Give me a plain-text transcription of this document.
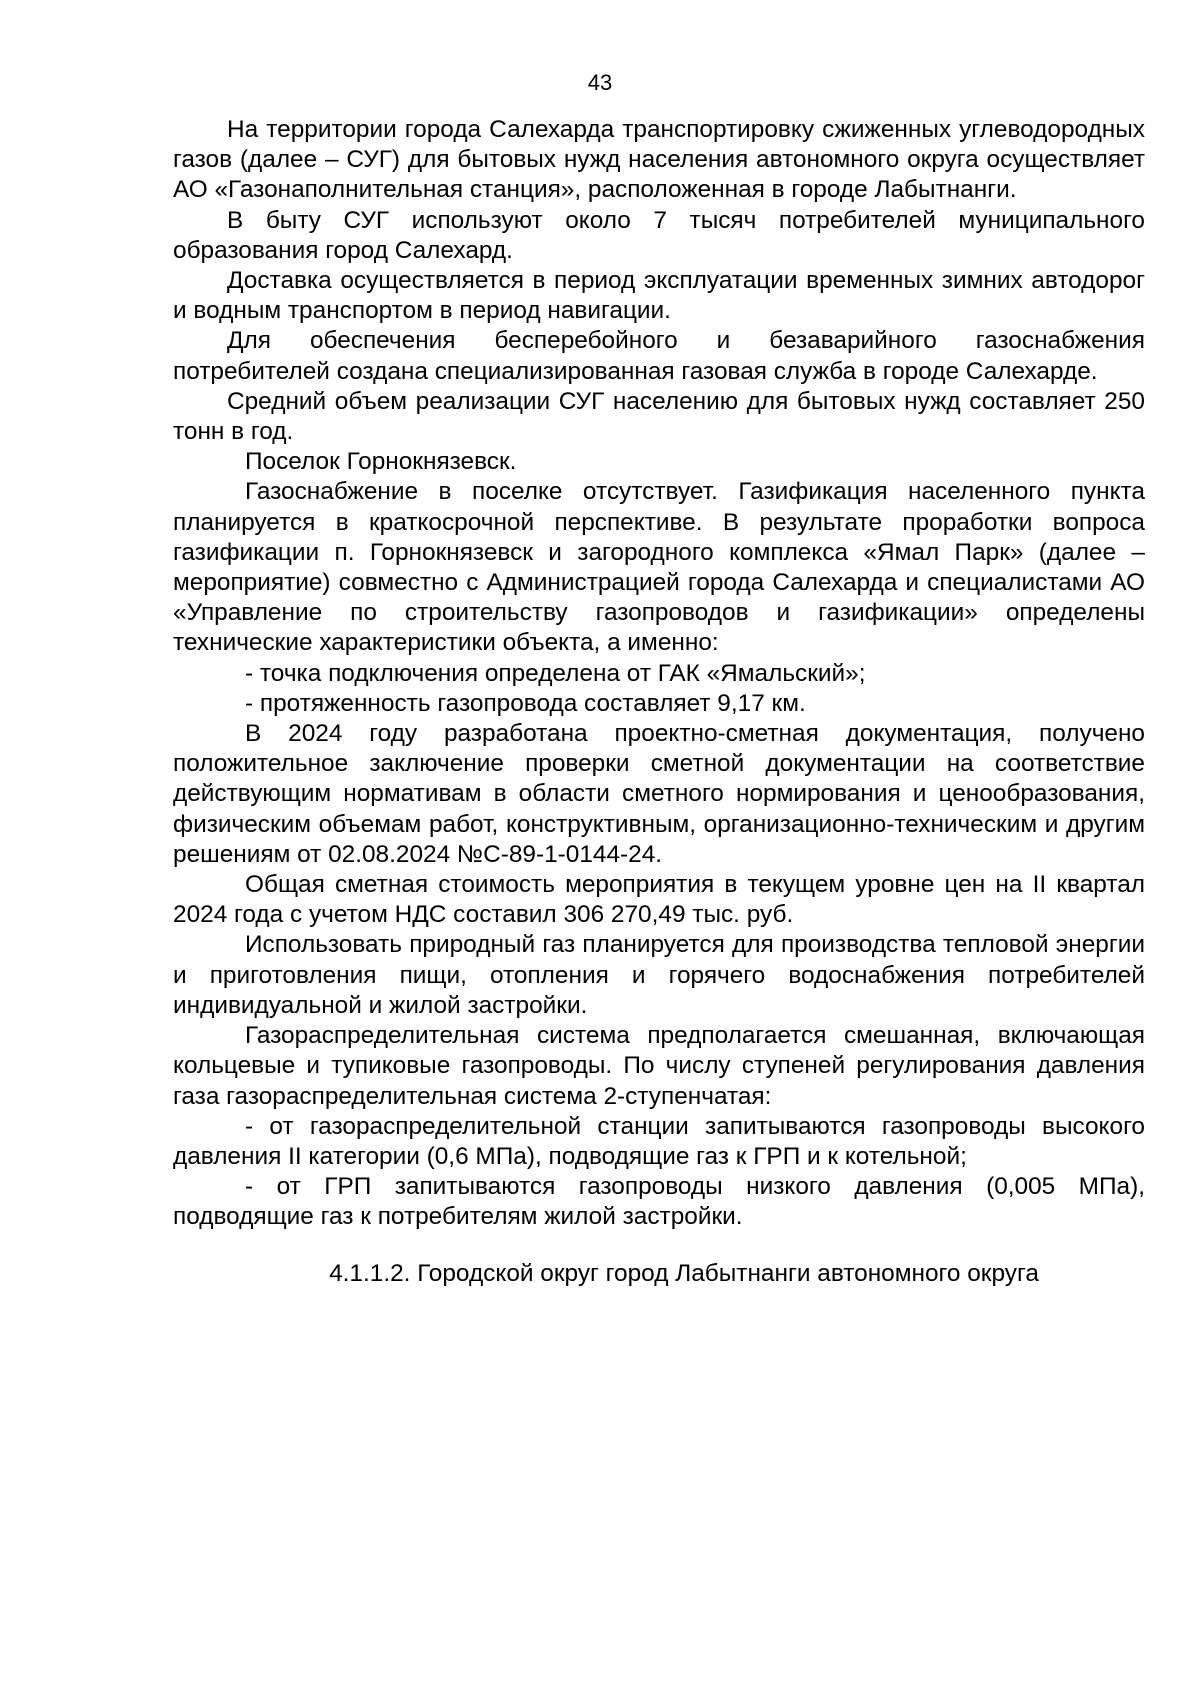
43

На территории города Салехарда транспортировку сжиженных углеводородных газов (далее – СУГ) для бытовых нужд населения автономного округа осуществляет АО «Газонаполнительная станция», расположенная в городе Лабытнанги.

В быту СУГ используют около 7 тысяч потребителей муниципального образования город Салехард.

Доставка осуществляется в период эксплуатации временных зимних автодорог и водным транспортом в период навигации.

Для обеспечения бесперебойного и безаварийного газоснабжения потребителей создана специализированная газовая служба в городе Салехарде.

Средний объем реализации СУГ населению для бытовых нужд составляет 250 тонн в год.

Поселок Горнокнязевск.

Газоснабжение в поселке отсутствует. Газификация населенного пункта планируется в краткосрочной перспективе. В результате проработки вопроса газификации п. Горнокнязевск и загородного комплекса «Ямал Парк» (далее – мероприятие) совместно с Администрацией города Салехарда и специалистами АО «Управление по строительству газопроводов и газификации» определены технические характеристики объекта, а именно:

- точка подключения определена от ГАК «Ямальский»;

- протяженность газопровода составляет 9,17 км.

В 2024 году разработана проектно-сметная документация, получено положительное заключение проверки сметной документации на соответствие действующим нормативам в области сметного нормирования и ценообразования, физическим объемам работ, конструктивным, организационно-техническим и другим решениям от 02.08.2024 №С-89-1-0144-24.

Общая сметная стоимость мероприятия в текущем уровне цен на II квартал 2024 года с учетом НДС составил 306 270,49 тыс. руб.

Использовать природный газ планируется для производства тепловой энергии и приготовления пищи, отопления и горячего водоснабжения потребителей индивидуальной и жилой застройки.

Газораспределительная система предполагается смешанная, включающая кольцевые и тупиковые газопроводы. По числу ступеней регулирования давления газа газораспределительная система 2-ступенчатая:

- от газораспределительной станции запитываются газопроводы высокого давления II категории (0,6 МПа), подводящие газ к ГРП и к котельной;

- от ГРП запитываются газопроводы низкого давления (0,005 МПа), подводящие газ к потребителям жилой застройки.

4.1.1.2. Городской округ город Лабытнанги автономного округа
